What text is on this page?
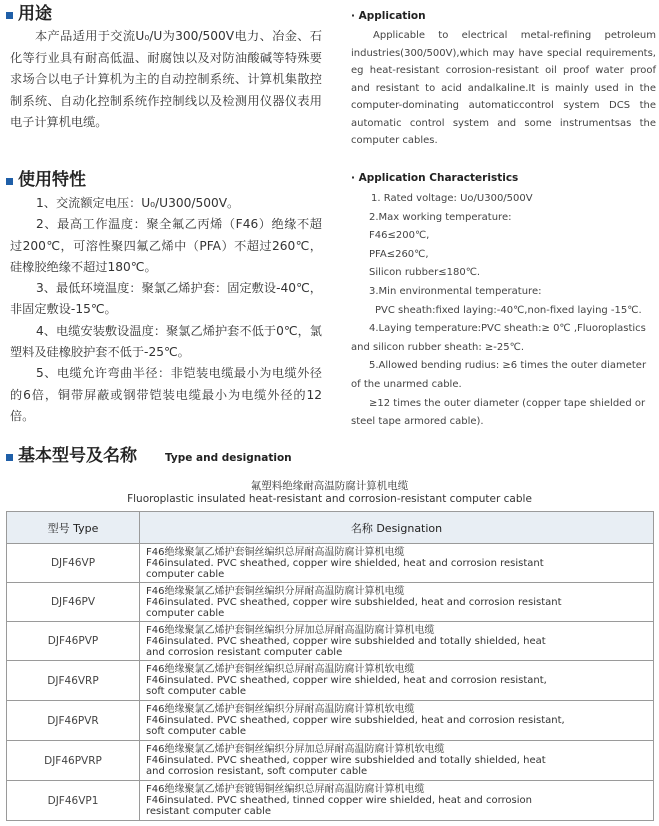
用途

本产品适用于交流U₀/U为300/500V电力、冶金、石化等行业具有耐高低温、耐腐蚀以及对防油酸碱等特殊要求场合以电子计算机为主的自动控制系统、计算机集散控制系统、自动化控制系统作控制线以及检测用仪器仪表用电子计算机电缆。

· Application

Applicable to electrical metal-refining petroleum industries(300/500V),which may have special requirements, eg heat-resistant corrosion-resistant oil proof water proof and resistant to acid andalkaline.It is mainly used in the computer-dominating automaticcontrol system DCS the automatic control system and some instrumentsas the computer cables.

使用特性
1、交流额定电压：U₀/U300/500V。
2、最高工作温度：聚全氟乙丙烯（F46）绝缘不超过200℃，可溶性聚四氟乙烯中（PFA）不超过260℃，硅橡胶绝缘不超过180℃。
3、最低环境温度：聚氯乙烯护套：固定敷设-40℃，非固定敷设-15℃。
4、电缆安装敷设温度：聚氯乙烯护套不低于0℃，氯塑料及硅橡胶护套不低于-25℃。
5、电缆允许弯曲半径：非铠装电缆最小为电缆外径的6倍，铜带屏蔽或钢带铠装电缆最小为电缆外径的12倍。
· Application Characteristics
1. Rated voltage: Uo/U300/500V
2.Max working temperature:
F46≤200℃,
PFA≤260℃,
Silicon rubber≤180℃.
3.Min environmental temperature:
PVC sheath:fixed laying:-40℃,non-fixed laying -15℃.
4.Laying temperature:PVC sheath:≥ 0℃ ,Fluoroplastics
and silicon rubber sheath: ≥-25℃.
5.Allowed bending rudius: ≥6 times the outer diameter
of the unarmed cable.
≥12 times the outer diameter (copper tape shielded or
steel tape armored cable).
基本型号及名称	Type and designation
氟塑料绝缘耐高温防腐计算机电缆
Fluoroplastic insulated heat-resistant and corrosion-resistant computer cable
型号 Type	名称 Designation
DJF46VP	F46绝缘聚氯乙烯护套铜丝编织总屏耐高温防腐计算机电缆
F46insulated. PVC sheathed, copper wire shielded, heat and corrosion resistant
computer cable

DJF46PV	F46绝缘聚氯乙烯护套铜丝编织分屏耐高温防腐计算机电缆
F46insulated. PVC sheathed, copper wire subshielded, heat and corrosion resistant
computer cable

DJF46PVP	F46绝缘聚氯乙烯护套铜丝编织分屏加总屏耐高温防腐计算机电缆
F46insulated. PVC sheathed, copper wire subshielded and totally shielded, heat
and corrosion resistant computer cable

DJF46VRP	F46绝缘聚氯乙烯护套铜丝编织总屏耐高温防腐计算机软电缆
F46insulated. PVC sheathed, copper wire shielded, heat and corrosion resistant,
soft computer cable

DJF46PVR	F46绝缘聚氯乙烯护套铜丝编织分屏耐高温防腐计算机软电缆
F46insulated. PVC sheathed, copper wire subshielded, heat and corrosion resistant,
soft computer cable

DJF46PVRP	F46绝缘聚氯乙烯护套铜丝编织分屏加总屏耐高温防腐计算机软电缆
F46insulated. PVC sheathed, copper wire subshielded and totally shielded, heat
and corrosion resistant, soft computer cable

DJF46VP1	F46绝缘聚氯乙烯护套镀锡铜丝编织总屏耐高温防腐计算机电缆
F46insulated. PVC sheathed, tinned copper wire shielded, heat and corrosion
resistant computer cable
